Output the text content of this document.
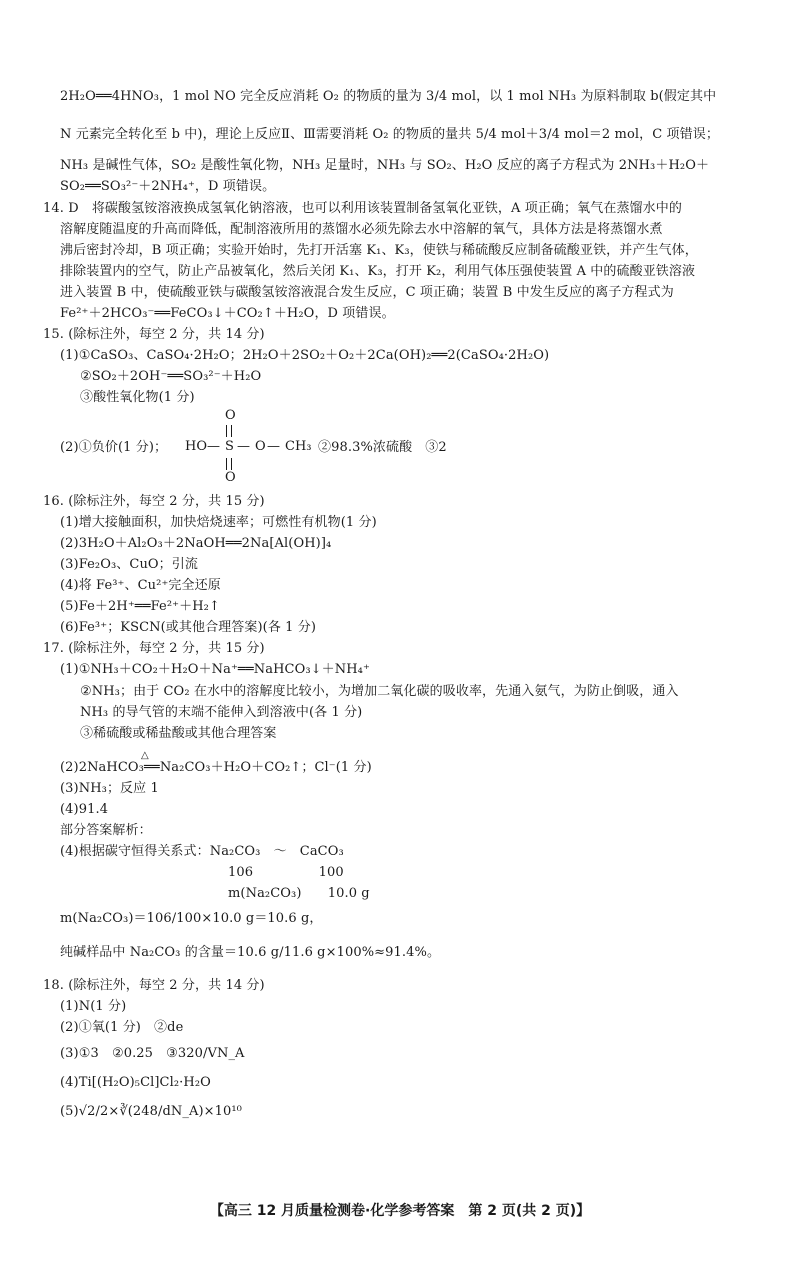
2H₂O══4HNO₃，1 mol NO 完全反应消耗 O₂ 的物质的量为 3/4 mol，以 1 mol NH₃ 为原料制取 b(假定其中
N 元素完全转化至 b 中)，理论上反应Ⅱ、Ⅲ需要消耗 O₂ 的物质的量共 5/4 mol＋3/4 mol＝2 mol，C 项错误；
NH₃ 是碱性气体，SO₂ 是酸性氧化物，NH₃ 足量时，NH₃ 与 SO₂、H₂O 反应的离子方程式为 2NH₃＋H₂O＋
SO₂══SO₃²⁻＋2NH₄⁺，D 项错误。
14. D　将碳酸氢铵溶液换成氢氧化钠溶液，也可以利用该装置制备氢氧化亚铁，A 项正确；氧气在蒸馏水中的
溶解度随温度的升高而降低，配制溶液所用的蒸馏水必须先除去水中溶解的氧气，具体方法是将蒸馏水煮
沸后密封冷却，B 项正确；实验开始时，先打开活塞 K₁、K₃，使铁与稀硫酸反应制备硫酸亚铁，并产生气体，
排除装置内的空气，防止产品被氧化，然后关闭 K₁、K₃，打开 K₂，利用气体压强使装置 A 中的硫酸亚铁溶液
进入装置 B 中，使硫酸亚铁与碳酸氢铵溶液混合发生反应，C 项正确；装置 B 中发生反应的离子方程式为
Fe²⁺＋2HCO₃⁻══FeCO₃↓＋CO₂↑＋H₂O，D 项错误。
15. (除标注外，每空 2 分，共 14 分)
(1)①CaSO₃、CaSO₄·2H₂O；2H₂O＋2SO₂＋O₂＋2Ca(OH)₂══2(CaSO₄·2H₂O)
②SO₂＋2OH⁻══SO₃²⁻＋H₂O
③酸性氧化物(1 分)
(2)①负价(1 分)；
O
HO — S — O — CH₃
O
②98.3%浓硫酸　③2
16. (除标注外，每空 2 分，共 15 分)
(1)增大接触面积，加快焙烧速率；可燃性有机物(1 分)
(2)3H₂O＋Al₂O₃＋2NaOH══2Na[Al(OH)]₄
(3)Fe₂O₃、CuO；引流
(4)将 Fe³⁺、Cu²⁺完全还原
(5)Fe＋2H⁺══Fe²⁺＋H₂↑
(6)Fe³⁺；KSCN(或其他合理答案)(各 1 分)
17. (除标注外，每空 2 分，共 15 分)
(1)①NH₃＋CO₂＋H₂O＋Na⁺══NaHCO₃↓＋NH₄⁺
②NH₃；由于 CO₂ 在水中的溶解度比较小，为增加二氧化碳的吸收率，先通入氨气，为防止倒吸，通入
NH₃ 的导气管的末端不能伸入到溶液中(各 1 分)
③稀硫酸或稀盐酸或其他合理答案
△
(2)2NaHCO₃══Na₂CO₃＋H₂O＋CO₂↑；Cl⁻(1 分)
(3)NH₃；反应 1
(4)91.4
部分答案解析：
(4)根据碳守恒得关系式：Na₂CO₃　～　CaCO₃
106　　　　　100
m(Na₂CO₃)　　10.0 g
m(Na₂CO₃)＝106/100×10.0 g＝10.6 g，
纯碱样品中 Na₂CO₃ 的含量＝10.6 g/11.6 g×100%≈91.4%。
18. (除标注外，每空 2 分，共 14 分)
(1)N(1 分)
(2)①氧(1 分)　②de
(3)①3　②0.25　③320/VN_A
(4)Ti[(H₂O)₅Cl]Cl₂·H₂O
(5)√2/2×∛(248/dN_A)×10¹⁰
【高三 12 月质量检测卷·化学参考答案　第 2 页(共 2 页)】
